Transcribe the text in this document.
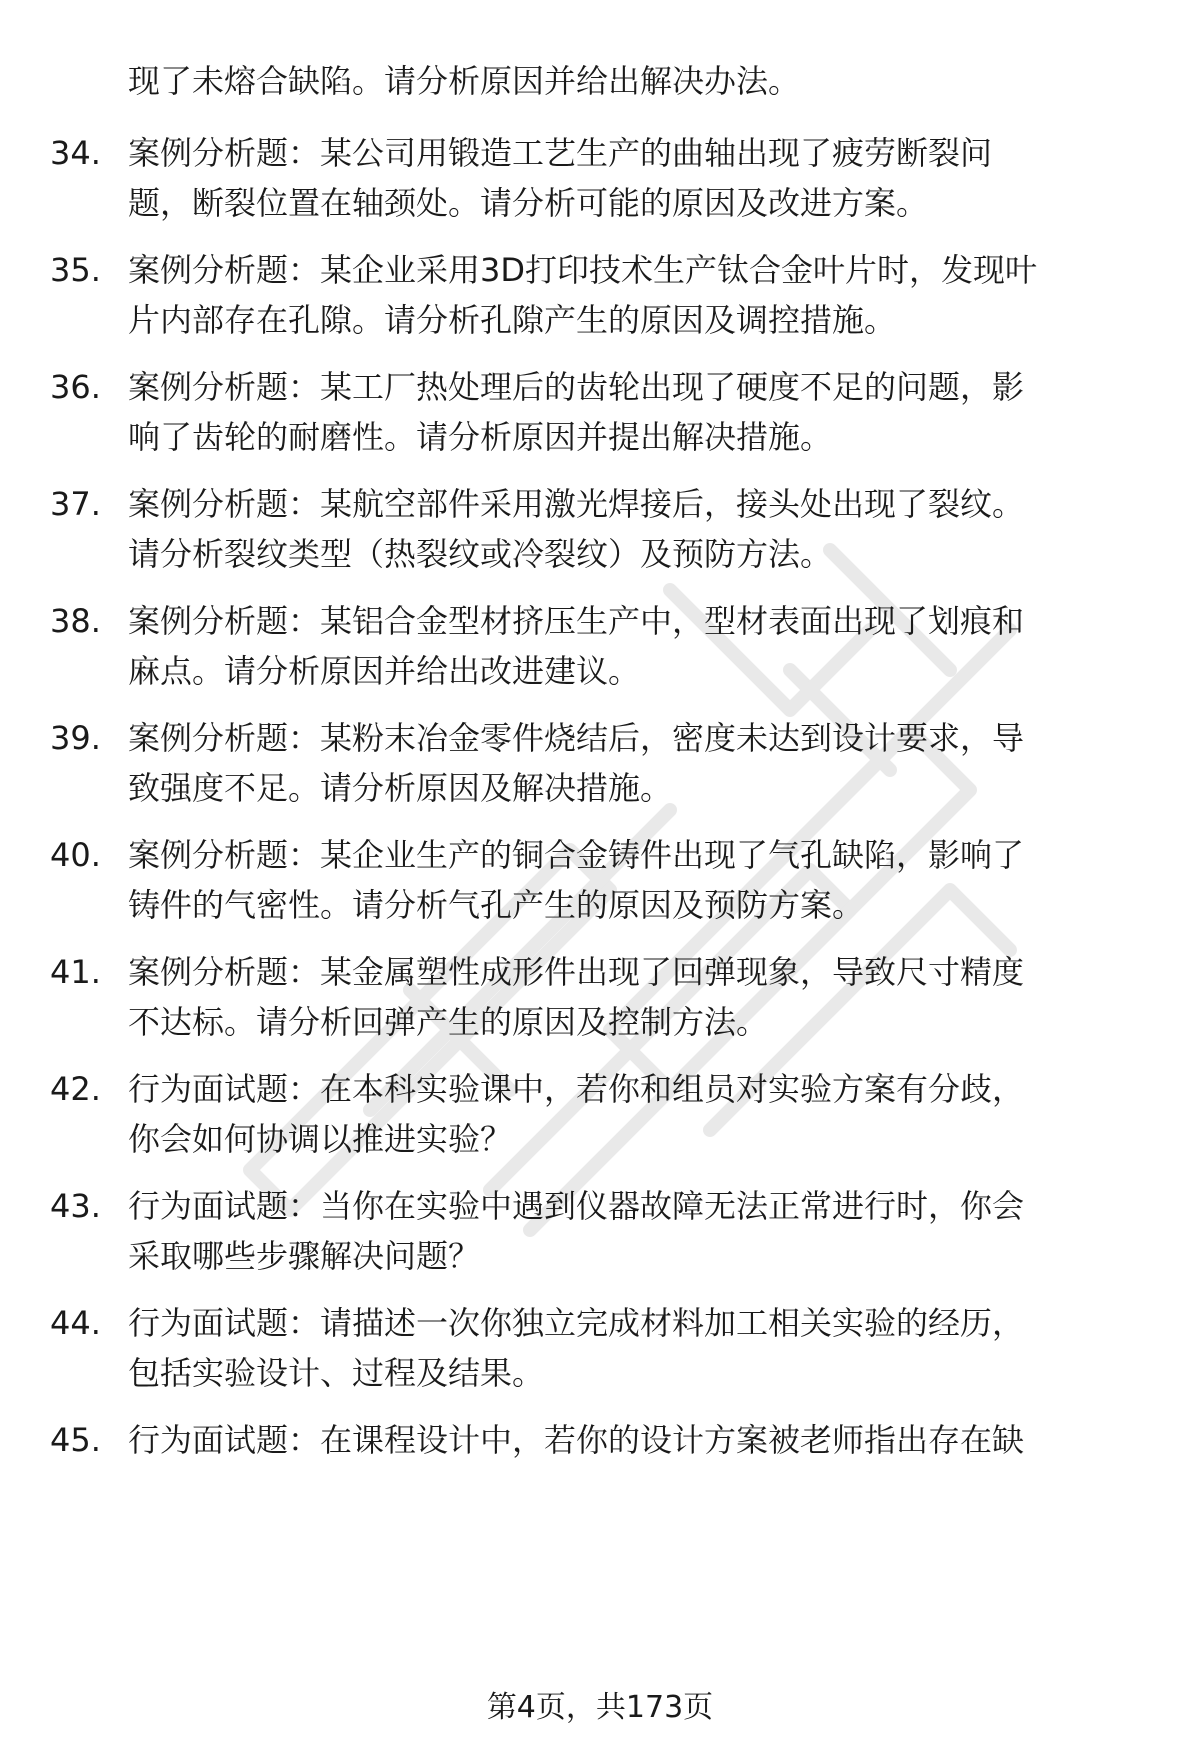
现了未熔合缺陷。请分析原因并给出解决办法。
34. 案例分析题：某公司用锻造工艺生产的曲轴出现了疲劳断裂问
题，断裂位置在轴颈处。请分析可能的原因及改进方案。
35. 案例分析题：某企业采用3D打印技术生产钛合金叶片时，发现叶
片内部存在孔隙。请分析孔隙产生的原因及调控措施。
36. 案例分析题：某工厂热处理后的齿轮出现了硬度不足的问题，影
响了齿轮的耐磨性。请分析原因并提出解决措施。
37. 案例分析题：某航空部件采用激光焊接后，接头处出现了裂纹。
请分析裂纹类型（热裂纹或冷裂纹）及预防方法。
38. 案例分析题：某铝合金型材挤压生产中，型材表面出现了划痕和
麻点。请分析原因并给出改进建议。
39. 案例分析题：某粉末冶金零件烧结后，密度未达到设计要求，导
致强度不足。请分析原因及解决措施。
40. 案例分析题：某企业生产的铜合金铸件出现了气孔缺陷，影响了
铸件的气密性。请分析气孔产生的原因及预防方案。
41. 案例分析题：某金属塑性成形件出现了回弹现象，导致尺寸精度
不达标。请分析回弹产生的原因及控制方法。
42. 行为面试题：在本科实验课中，若你和组员对实验方案有分歧，
你会如何协调以推进实验？
43. 行为面试题：当你在实验中遇到仪器故障无法正常进行时，你会
采取哪些步骤解决问题？
44. 行为面试题：请描述一次你独立完成材料加工相关实验的经历，
包括实验设计、过程及结果。
45. 行为面试题：在课程设计中，若你的设计方案被老师指出存在缺
第4页，共173页
